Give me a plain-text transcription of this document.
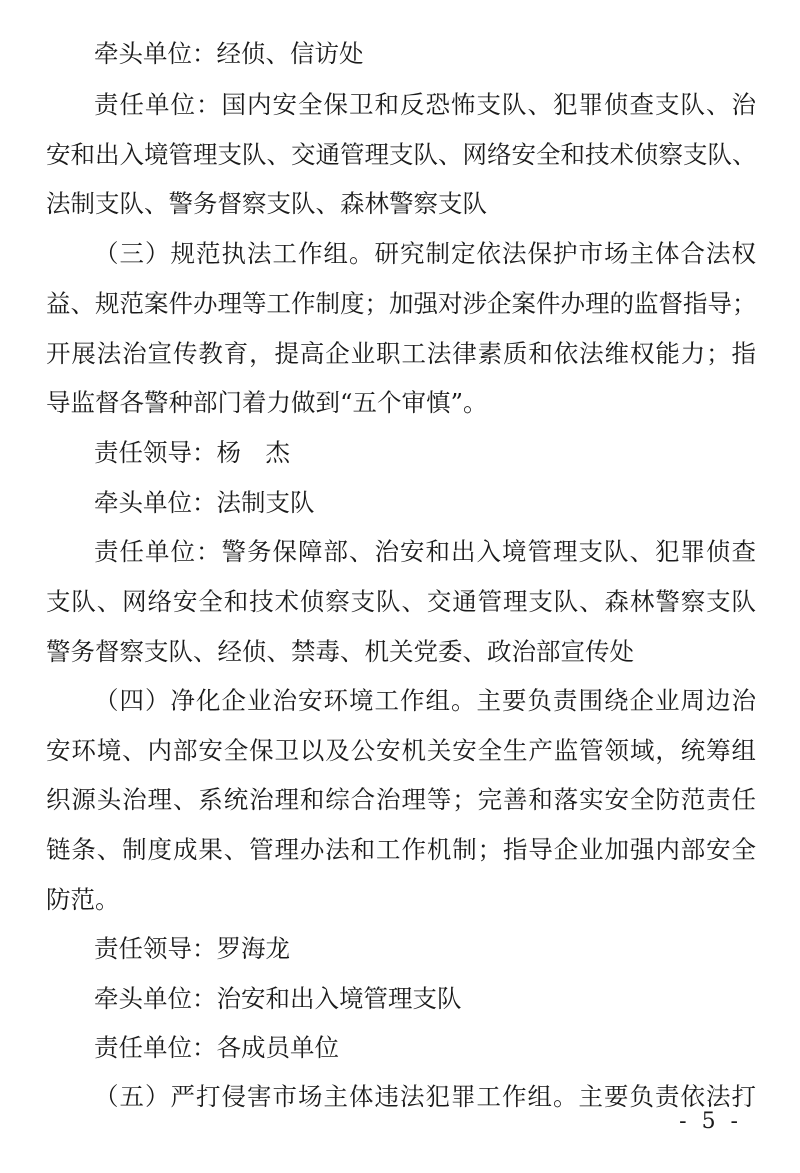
牵头单位：经侦、信访处
责任单位：国内安全保卫和反恐怖支队、犯罪侦查支队、治
安和出入境管理支队、交通管理支队、网络安全和技术侦察支队、
法制支队、警务督察支队、森林警察支队
（三）规范执法工作组。研究制定依法保护市场主体合法权
益、规范案件办理等工作制度；加强对涉企案件办理的监督指导；
开展法治宣传教育，提高企业职工法律素质和依法维权能力；指
导监督各警种部门着力做到“五个审慎”。
责任领导：杨　杰
牵头单位：法制支队
责任单位：警务保障部、治安和出入境管理支队、犯罪侦查
支队、网络安全和技术侦察支队、交通管理支队、森林警察支队
警务督察支队、经侦、禁毒、机关党委、政治部宣传处
（四）净化企业治安环境工作组。主要负责围绕企业周边治
安环境、内部安全保卫以及公安机关安全生产监管领域，统筹组
织源头治理、系统治理和综合治理等；完善和落实安全防范责任
链条、制度成果、管理办法和工作机制；指导企业加强内部安全
防范。
责任领导：罗海龙
牵头单位：治安和出入境管理支队
责任单位：各成员单位
（五）严打侵害市场主体违法犯罪工作组。主要负责依法打
- 5 -
